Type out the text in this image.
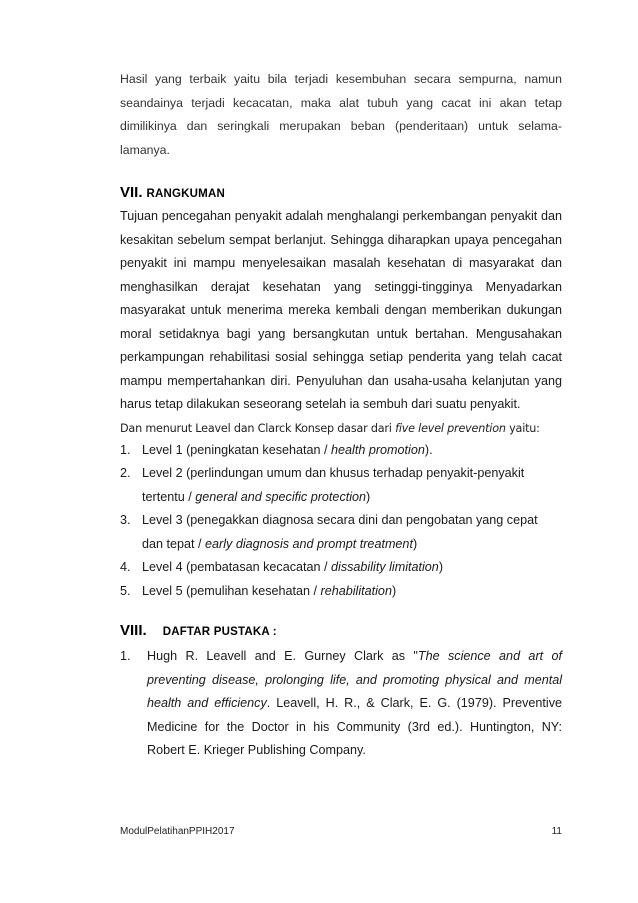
Hasil yang terbaik yaitu bila terjadi kesembuhan secara sempurna, namun seandainya terjadi kecacatan, maka alat tubuh yang cacat ini akan tetap dimilikinya dan seringkali merupakan beban (penderitaan) untuk selama-lamanya.

VII. RANGKUMAN

Tujuan pencegahan penyakit adalah menghalangi perkembangan penyakit dan kesakitan sebelum sempat berlanjut. Sehingga diharapkan upaya pencegahan penyakit ini mampu menyelesaikan masalah kesehatan di masyarakat dan menghasilkan derajat kesehatan yang setinggi-tingginya Menyadarkan masyarakat untuk menerima mereka kembali dengan memberikan dukungan moral setidaknya bagi yang bersangkutan untuk bertahan. Mengusahakan perkampungan rehabilitasi sosial sehingga setiap penderita yang telah cacat mampu mempertahankan diri. Penyuluhan dan usaha-usaha kelanjutan yang harus tetap dilakukan seseorang setelah ia sembuh dari suatu penyakit.

Dan menurut Leavel dan Clarck Konsep dasar dari five level prevention yaitu:

1. Level 1 (peningkatan kesehatan / health promotion).
2. Level 2 (perlindungan umum dan khusus terhadap penyakit-penyakit tertentu / general and specific protection)
3. Level 3 (penegakkan diagnosa secara dini dan pengobatan yang cepat dan tepat / early diagnosis and prompt treatment)
4. Level 4 (pembatasan kecacatan / dissability limitation)
5. Level 5 (pemulihan kesehatan / rehabilitation)
VIII. DAFTAR PUSTAKA :
1.	Hugh R. Leavell and E. Gurney Clark as "The science and art of preventing disease, prolonging life, and promoting physical and mental health and efficiency. Leavell, H. R., & Clark, E. G. (1979). Preventive Medicine for the Doctor in his Community (3rd ed.). Huntington, NY: Robert E. Krieger Publishing Company.
ModulPelatihanPPIH2017	11
